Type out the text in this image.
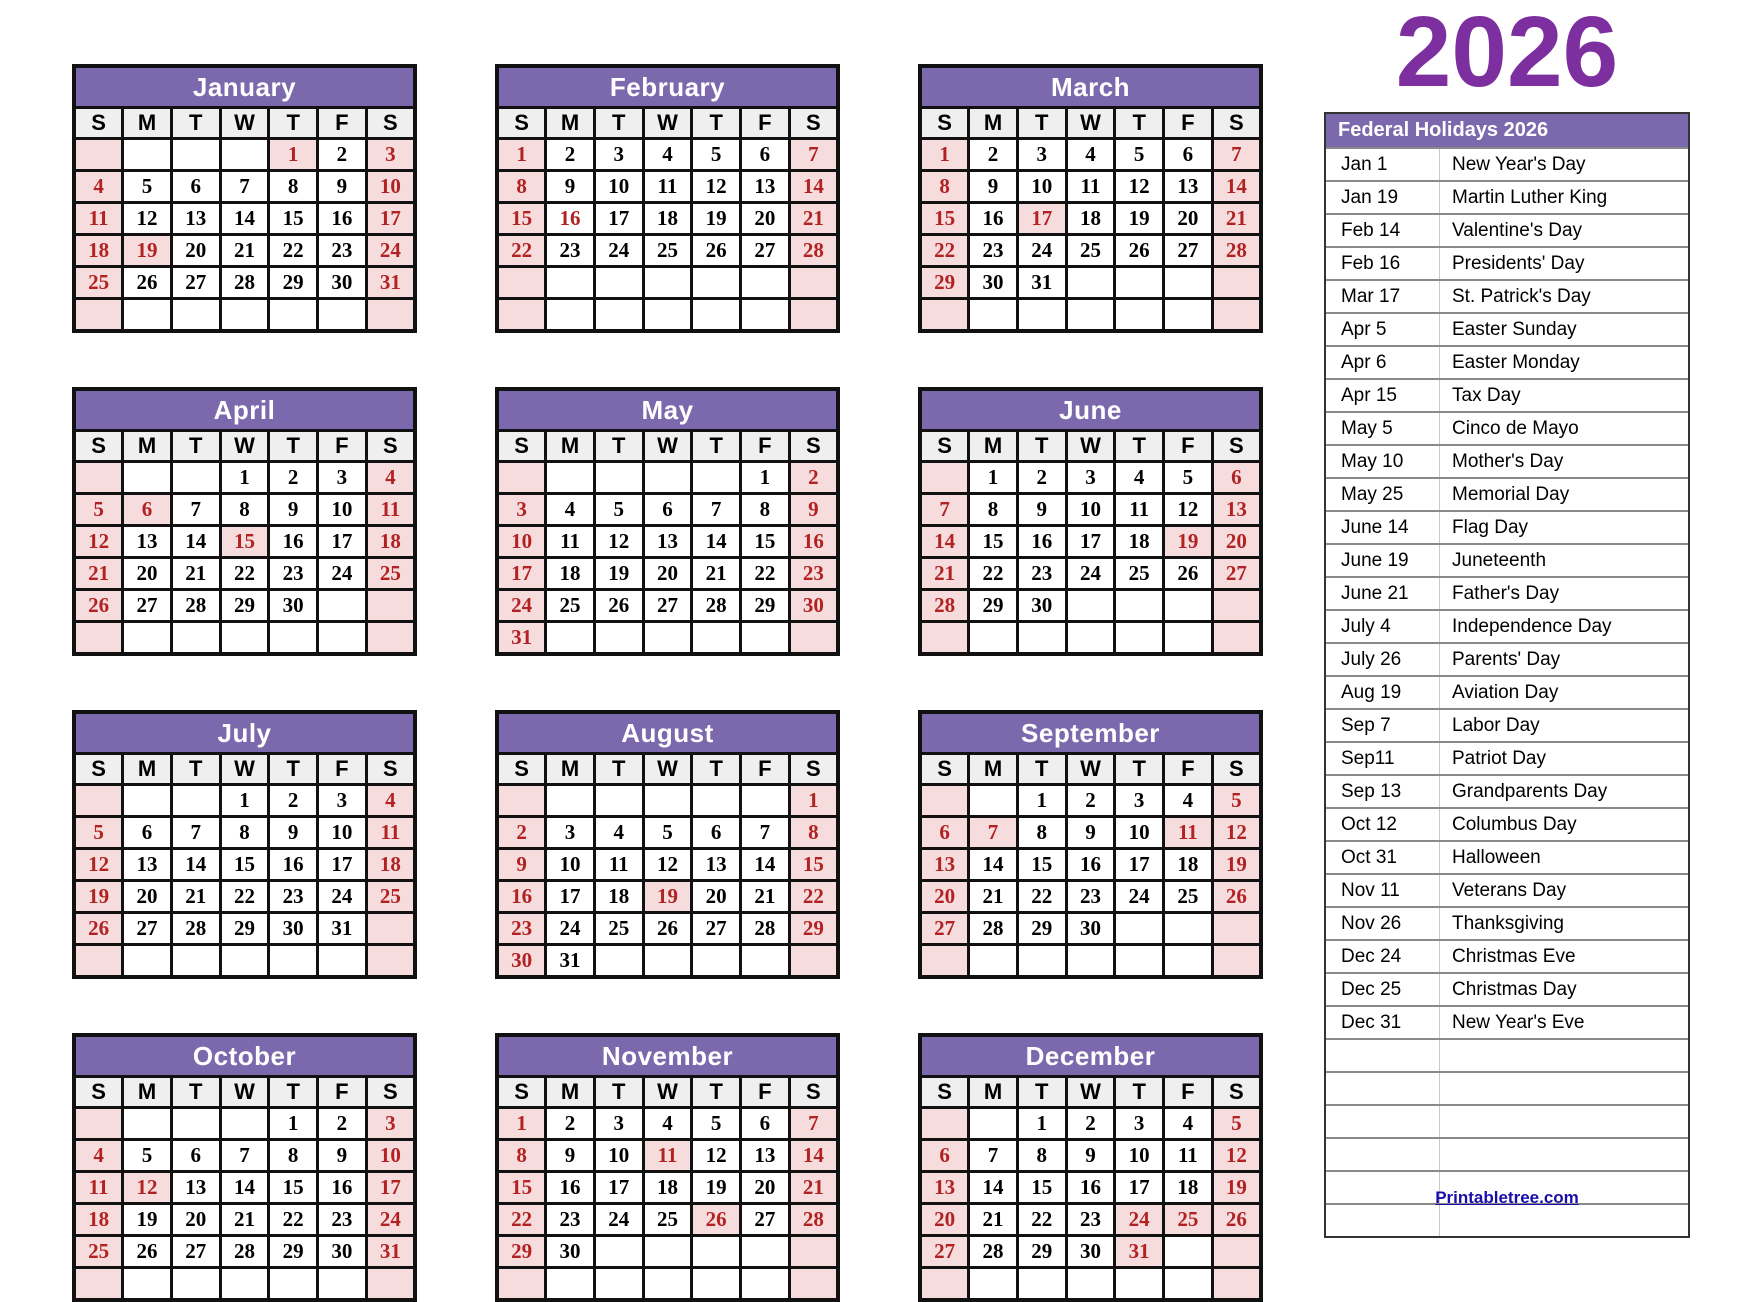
2026
January						
S	M	T	W	T	F	S
				1	2	3
4	5	6	7	8	9	10
11	12	13	14	15	16	17
18	19	20	21	22	23	24
25	26	27	28	29	30	31

February						
S	M	T	W	T	F	S
1	2	3	4	5	6	7
8	9	10	11	12	13	14
15	16	17	18	19	20	21
22	23	24	25	26	27	28

March						
S	M	T	W	T	F	S
1	2	3	4	5	6	7
8	9	10	11	12	13	14
15	16	17	18	19	20	21
22	23	24	25	26	27	28
29	30	31				

April						
S	M	T	W	T	F	S
			1	2	3	4
5	6	7	8	9	10	11
12	13	14	15	16	17	18
21	20	21	22	23	24	25
26	27	28	29	30		

May						
S	M	T	W	T	F	S
					1	2
3	4	5	6	7	8	9
10	11	12	13	14	15	16
17	18	19	20	21	22	23
24	25	26	27	28	29	30
31						
June						
S	M	T	W	T	F	S
	1	2	3	4	5	6
7	8	9	10	11	12	13
14	15	16	17	18	19	20
21	22	23	24	25	26	27
28	29	30				

July						
S	M	T	W	T	F	S
			1	2	3	4
5	6	7	8	9	10	11
12	13	14	15	16	17	18
19	20	21	22	23	24	25
26	27	28	29	30	31	

August						
S	M	T	W	T	F	S
						1
2	3	4	5	6	7	8
9	10	11	12	13	14	15
16	17	18	19	20	21	22
23	24	25	26	27	28	29
30	31					
September						
S	M	T	W	T	F	S
		1	2	3	4	5
6	7	8	9	10	11	12
13	14	15	16	17	18	19
20	21	22	23	24	25	26
27	28	29	30			

October						
S	M	T	W	T	F	S
				1	2	3
4	5	6	7	8	9	10
11	12	13	14	15	16	17
18	19	20	21	22	23	24
25	26	27	28	29	30	31

November						
S	M	T	W	T	F	S
1	2	3	4	5	6	7
8	9	10	11	12	13	14
15	16	17	18	19	20	21
22	23	24	25	26	27	28
29	30					

December						
S	M	T	W	T	F	S
		1	2	3	4	5
6	7	8	9	10	11	12
13	14	15	16	17	18	19
20	21	22	23	24	25	26
27	28	29	30	31		

Federal Holidays 2026
Jan 1	New Year's Day
Jan 19	Martin Luther King
Feb 14	Valentine's Day
Feb 16	Presidents' Day
Mar 17	St. Patrick's Day
Apr 5	Easter Sunday
Apr 6	Easter Monday
Apr 15	Tax Day
May 5	Cinco de Mayo
May 10	Mother's Day
May 25	Memorial Day
June 14	Flag Day
June 19	Juneteenth
June 21	Father's Day
July 4	Independence Day
July 26	Parents' Day
Aug 19	Aviation Day
Sep 7	Labor Day
Sep11	Patriot Day
Sep 13	Grandparents Day
Oct 12	Columbus Day
Oct 31	Halloween
Nov 11	Veterans Day
Nov 26	Thanksgiving
Dec 24	Christmas Eve
Dec 25	Christmas Day
Dec 31	New Year's Eve
Printabletree.com
